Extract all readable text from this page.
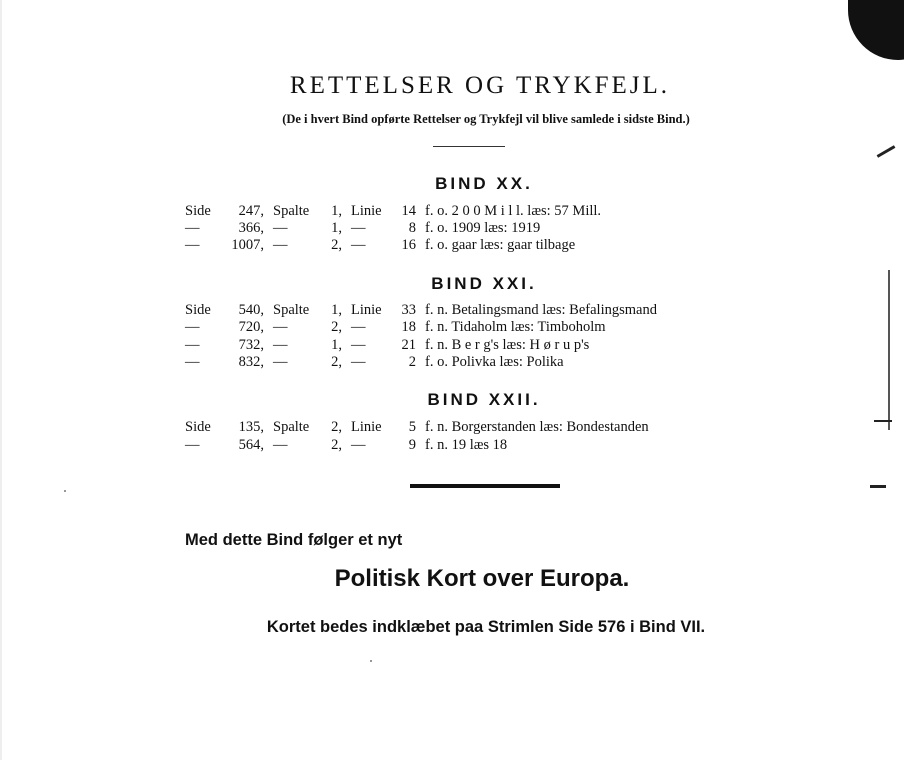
RETTELSER OG TRYKFEJL.
(De i hvert Bind opførte Rettelser og Trykfejl vil blive samlede i sidste Bind.)
BIND XX.
Side	247, Spalte	1, Linie	14 f. o. 2 0 0 M i l l. læs: 57 Mill.
—	366, —	1, —	8 f. o. 1909 læs: 1919
—	1007, —	2, —	16 f. o. gaar læs: gaar tilbage
BIND XXI.
Side	540, Spalte	1, Linie	33 f. n. Betalingsmand læs: Befalingsmand
—	720, —	2, —	18 f. n. Tidaholm læs: Timboholm
—	732, —	1, —	21 f. n. B e r g's læs: H ø r u p's
—	832, —	2, —	2 f. o. Polivka læs: Polika
BIND XXII.
Side	135, Spalte	2, Linie	5 f. n. Borgerstanden læs: Bondestanden
—	564, —	2, —	9 f. n. 19 læs 18
Med dette Bind følger et nyt
Politisk Kort over Europa.
Kortet bedes indklæbet paa Strimlen Side 576 i Bind VII.
